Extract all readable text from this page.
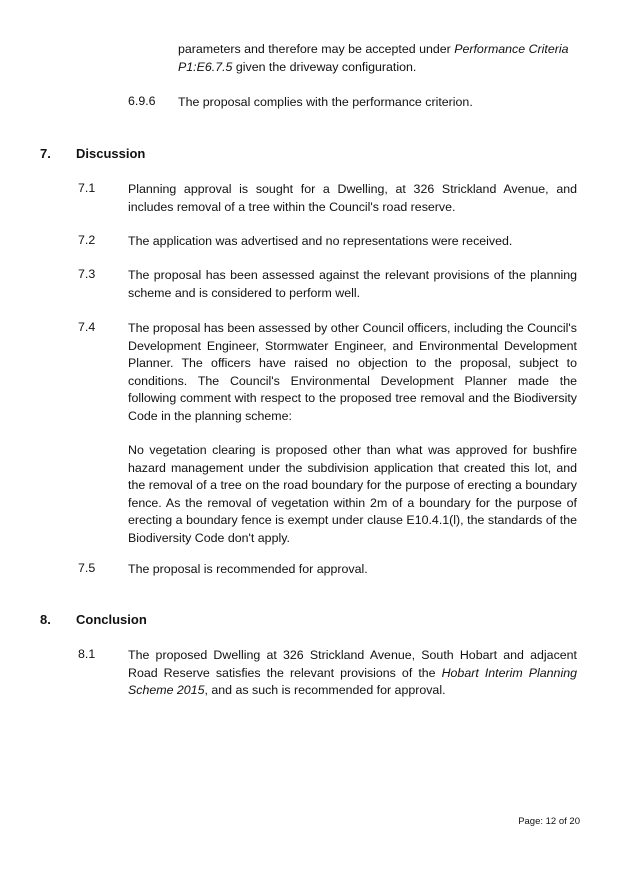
parameters and therefore may be accepted under Performance Criteria P1:E6.7.5 given the driveway configuration.

6.9.6 The proposal complies with the performance criterion.

7. Discussion
7.1	Planning approval is sought for a Dwelling, at 326 Strickland Avenue, and includes removal of a tree within the Council's road reserve.

7.2	The application was advertised and no representations were received.

7.3	The proposal has been assessed against the relevant provisions of the planning scheme and is considered to perform well.

7.4	The proposal has been assessed by other Council officers, including the Council's Development Engineer, Stormwater Engineer, and Environmental Development Planner. The officers have raised no objection to the proposal, subject to conditions. The Council's Environmental Development Planner made the following comment with respect to the proposed tree removal and the Biodiversity Code in the planning scheme:

No vegetation clearing is proposed other than what was approved for bushfire hazard management under the subdivision application that created this lot, and the removal of a tree on the road boundary for the purpose of erecting a boundary fence. As the removal of vegetation within 2m of a boundary for the purpose of erecting a boundary fence is exempt under clause E10.4.1(l), the standards of the Biodiversity Code don't apply.

7.5	The proposal is recommended for approval.

8. Conclusion
8.1	The proposed Dwelling at 326 Strickland Avenue, South Hobart and adjacent Road Reserve satisfies the relevant provisions of the Hobart Interim Planning Scheme 2015, and as such is recommended for approval.

Page: 12 of 20
